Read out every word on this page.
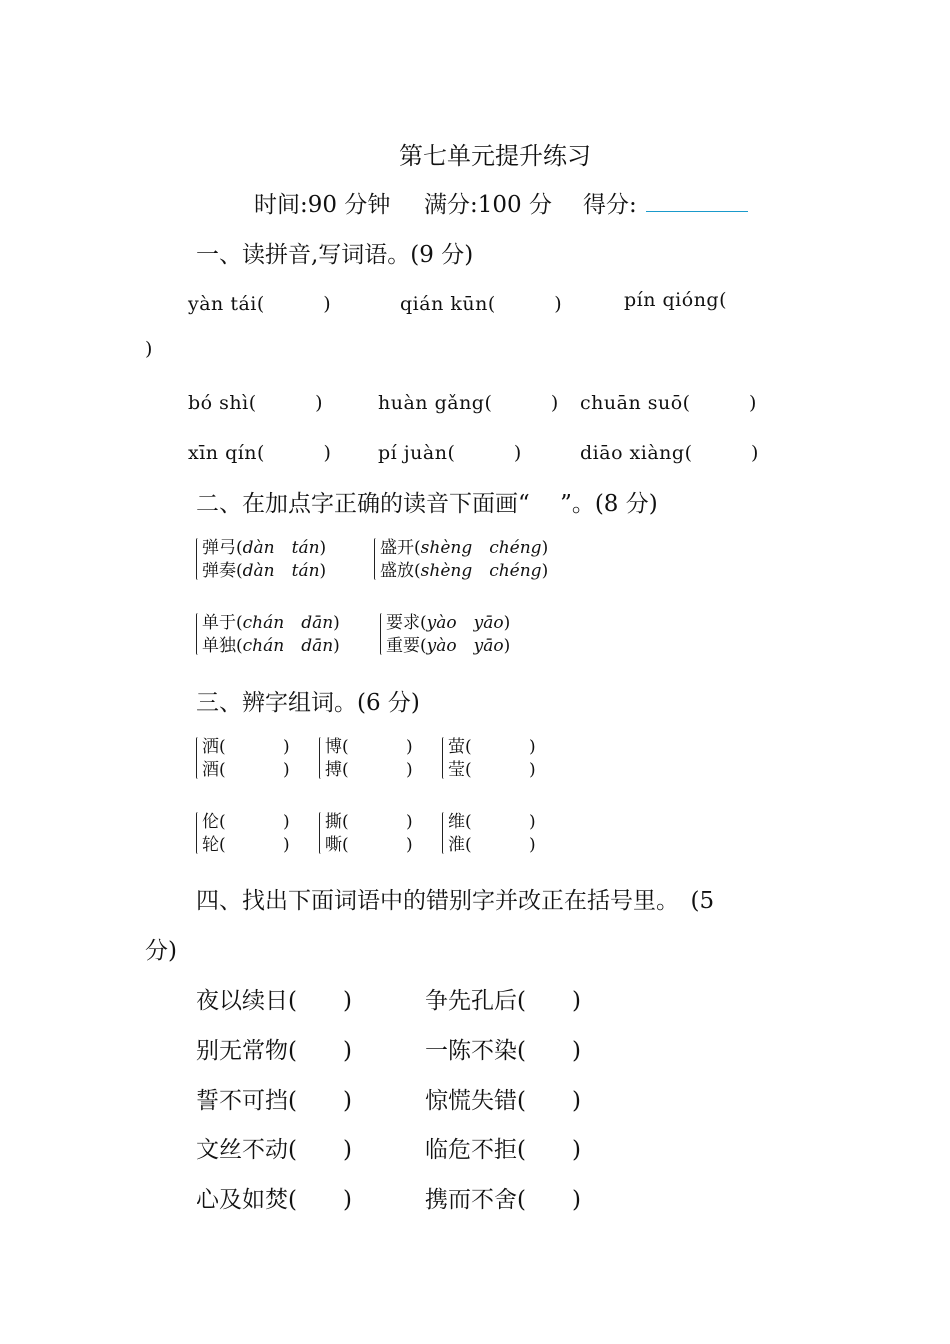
第七单元提升练习
时间:90 分钟 满分:100 分 得分:
一、读拼音,写词语。(9 分)
yàn tái(　　　)	qián kūn(　　　)	pín qióng(
)
bó shì(　　　)	huàn gǎng(　　　) chuān suō(　　　)
xīn qín(　　　) pí juàn(　　　)	diāo xiàng(　　　)
二、在加点字正确的读音下面画“　 ”。(8 分)
弹弓(dàn　tán)
弹奏(dàn　tán)
盛开(shèng　chéng)
盛放(shèng　chéng)
单于(chán　dān)
单独(chán　dān)
要求(yào　yāo)
重要(yào　yāo)
三、辨字组词。(6 分)
洒(	)
酒(	)
博(	)
搏(	)
萤(	)
莹(	)
伦(	)
轮(	)
撕(	)
嘶(	)
维(	)
淮(	)
四、找出下面词语中的错别字并改正在括号里。　(5
分)
夜以续日(　　)	争先孔后(　　)
别无常物(　　)	一陈不染(　　)
誓不可挡(　　)	惊慌失错(　　)
文丝不动(　　)	临危不拒(　　)
心及如焚(　　)	携而不舍(　　)
